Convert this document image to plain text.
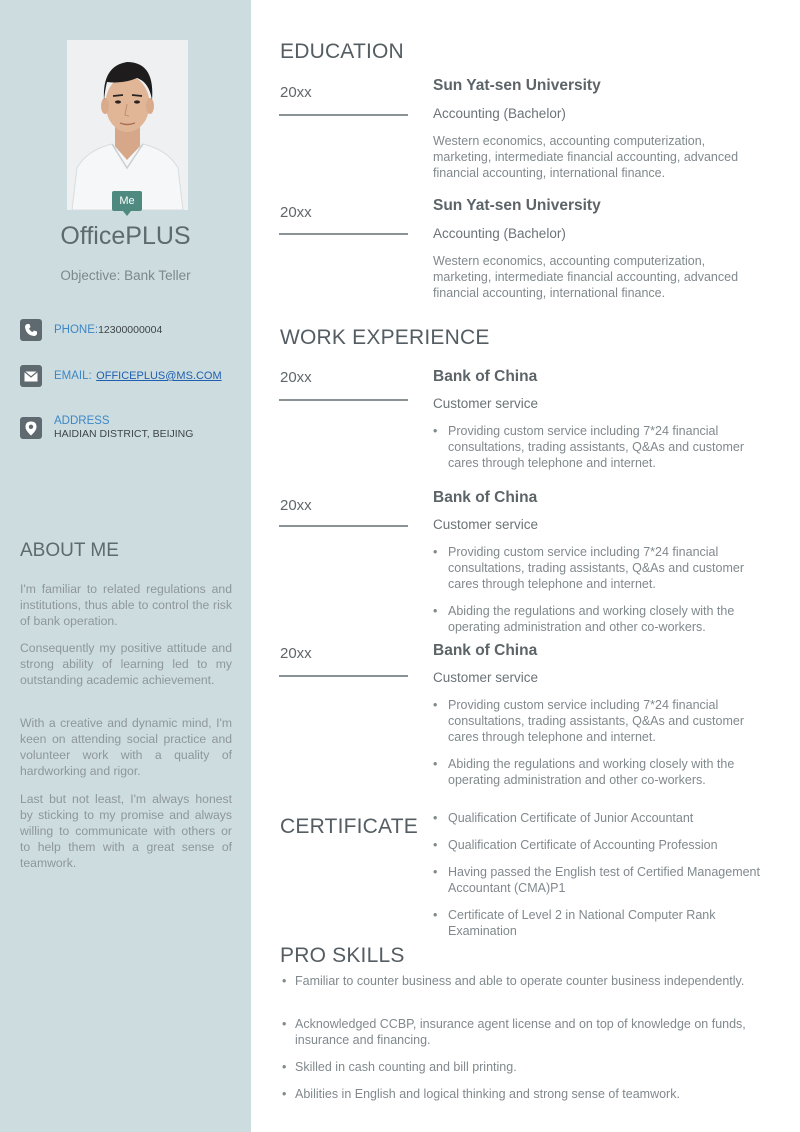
Me
OfficePLUS
Objective: Bank Teller
PHONE: 12300000004
EMAIL:
OFFICEPLUS@MS.COM
ADDRESS
HAIDIAN DISTRICT, BEIJING
ABOUT ME

I'm familiar to related regulations and institutions, thus able to control the risk of bank operation.

Consequently my positive attitude and strong ability of learning led to my outstanding academic achievement.

With a creative and dynamic mind, I'm keen on attending social practice and volunteer work with a quality of hardworking and rigor.

Last but not least, I'm always honest by sticking to my promise and always willing to communicate with others or to help them with a great sense of teamwork.

EDUCATION
20xx	Sun Yat-sen University
Accounting (Bachelor)
Western economics, accounting computerization, marketing, intermediate financial accounting, advanced financial accounting, international finance.
20xx	Sun Yat-sen University
Accounting (Bachelor)
Western economics, accounting computerization, marketing, intermediate financial accounting, advanced financial accounting, international finance.
WORK EXPERIENCE
20xx	Bank of China
Customer service
• Providing custom service including 7*24 financial consultations, trading assistants, Q&As and customer cares through telephone and internet.
20xx	Bank of China
Customer service
• Providing custom service including 7*24 financial consultations, trading assistants, Q&As and customer cares through telephone and internet.
• Abiding the regulations and working closely with the operating administration and other co-workers.
20xx	Bank of China
Customer service
• Providing custom service including 7*24 financial consultations, trading assistants, Q&As and customer cares through telephone and internet.
• Abiding the regulations and working closely with the operating administration and other co-workers.
CERTIFICATE
•	Qualification Certificate of Junior Accountant
• Qualification Certificate of Accounting Profession
• Having passed the English test of Certified Management Accountant (CMA)P1
• Certificate of Level 2 in National Computer Rank Examination
PRO SKILLS
• Familiar to counter business and able to operate counter business independently.
• Acknowledged CCBP, insurance agent license and on top of knowledge on funds, insurance and financing.
• Skilled in cash counting and bill printing.
• Abilities in English and logical thinking and strong sense of teamwork.
